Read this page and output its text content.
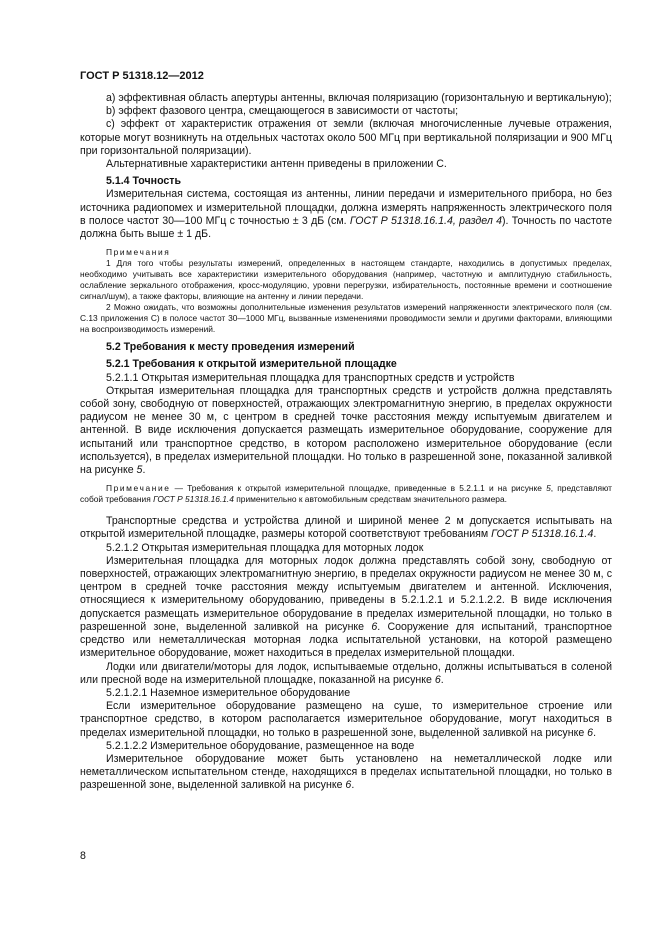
ГОСТ Р 51318.12—2012

а) эффективная область апертуры антенны, включая поляризацию (горизонтальную и вертикальную);

b) эффект фазового центра, смещающегося в зависимости от частоты;

с) эффект от характеристик отражения от земли (включая многочисленные лучевые отражения, которые могут возникнуть на отдельных частотах около 500 МГц при вертикальной поляризации и 900 МГц при горизонтальной поляризации).

Альтернативные характеристики антенн приведены в приложении С.

5.1.4 Точность

Измерительная система, состоящая из антенны, линии передачи и измерительного прибора, но без источника радиопомех и измерительной площадки, должна измерять напряженность электрического поля в полосе частот 30—100 МГц с точностью ± 3 дБ (см. ГОСТ Р 51318.16.1.4, раздел 4). Точность по частоте должна быть выше ± 1 дБ.

Примечания

1 Для того чтобы результаты измерений, определенных в настоящем стандарте, находились в допустимых пределах, необходимо учитывать все характеристики измерительного оборудования (например, частотную и амплитудную стабильность, ослабление зеркального отображения, кросс-модуляцию, уровни перегрузки, избирательность, постоянные времени и соотношение сигнал/шум), а также факторы, влияющие на антенну и линии передачи.

2 Можно ожидать, что возможны дополнительные изменения результатов измерений напряженности электрического поля (см. С.13 приложения С) в полосе частот 30—1000 МГц, вызванные изменениями проводимости земли и другими факторами, влияющими на воспроизводимость измерений.

5.2 Требования к месту проведения измерений

5.2.1 Требования к открытой измерительной площадке

5.2.1.1 Открытая измерительная площадка для транспортных средств и устройств

Открытая измерительная площадка для транспортных средств и устройств должна представлять собой зону, свободную от поверхностей, отражающих электромагнитную энергию, в пределах окружности радиусом не менее 30 м, с центром в средней точке расстояния между испытуемым двигателем и антенной. В виде исключения допускается размещать измерительное оборудование, сооружение для испытаний или транспортное средство, в котором расположено измерительное оборудование (если используется), в пределах измерительной площадки. Но только в разрешенной зоне, показанной заливкой на рисунке 5.

Примечание — Требования к открытой измерительной площадке, приведенные в 5.2.1.1 и на рисунке 5, представляют собой требования ГОСТ Р 51318.16.1.4 применительно к автомобильным средствам значительного размера.

Транспортные средства и устройства длиной и шириной менее 2 м допускается испытывать на открытой измерительной площадке, размеры которой соответствуют требованиям ГОСТ Р 51318.16.1.4.

5.2.1.2 Открытая измерительная площадка для моторных лодок

Измерительная площадка для моторных лодок должна представлять собой зону, свободную от поверхностей, отражающих электромагнитную энергию, в пределах окружности радиусом не менее 30 м, с центром в средней точке расстояния между испытуемым двигателем и антенной. Исключения, относящиеся к измерительному оборудованию, приведены в 5.2.1.2.1 и 5.2.1.2.2. В виде исключения допускается размещать измерительное оборудование в пределах измерительной площадки, но только в разрешенной зоне, выделенной заливкой на рисунке 6. Сооружение для испытаний, транспортное средство или неметаллическая моторная лодка испытательной установки, на которой размещено измерительное оборудование, может находиться в пределах измерительной площадки.

Лодки или двигатели/моторы для лодок, испытываемые отдельно, должны испытываться в соленой или пресной воде на измерительной площадке, показанной на рисунке 6.

5.2.1.2.1 Наземное измерительное оборудование

Если измерительное оборудование размещено на суше, то измерительное строение или транспортное средство, в котором располагается измерительное оборудование, могут находиться в пределах измерительной площадки, но только в разрешенной зоне, выделенной заливкой на рисунке 6.

5.2.1.2.2 Измерительное оборудование, размещенное на воде

Измерительное оборудование может быть установлено на неметаллической лодке или неметаллическом испытательном стенде, находящихся в пределах испытательной площадки, но только в разрешенной зоне, выделенной заливкой на рисунке 6.

8
